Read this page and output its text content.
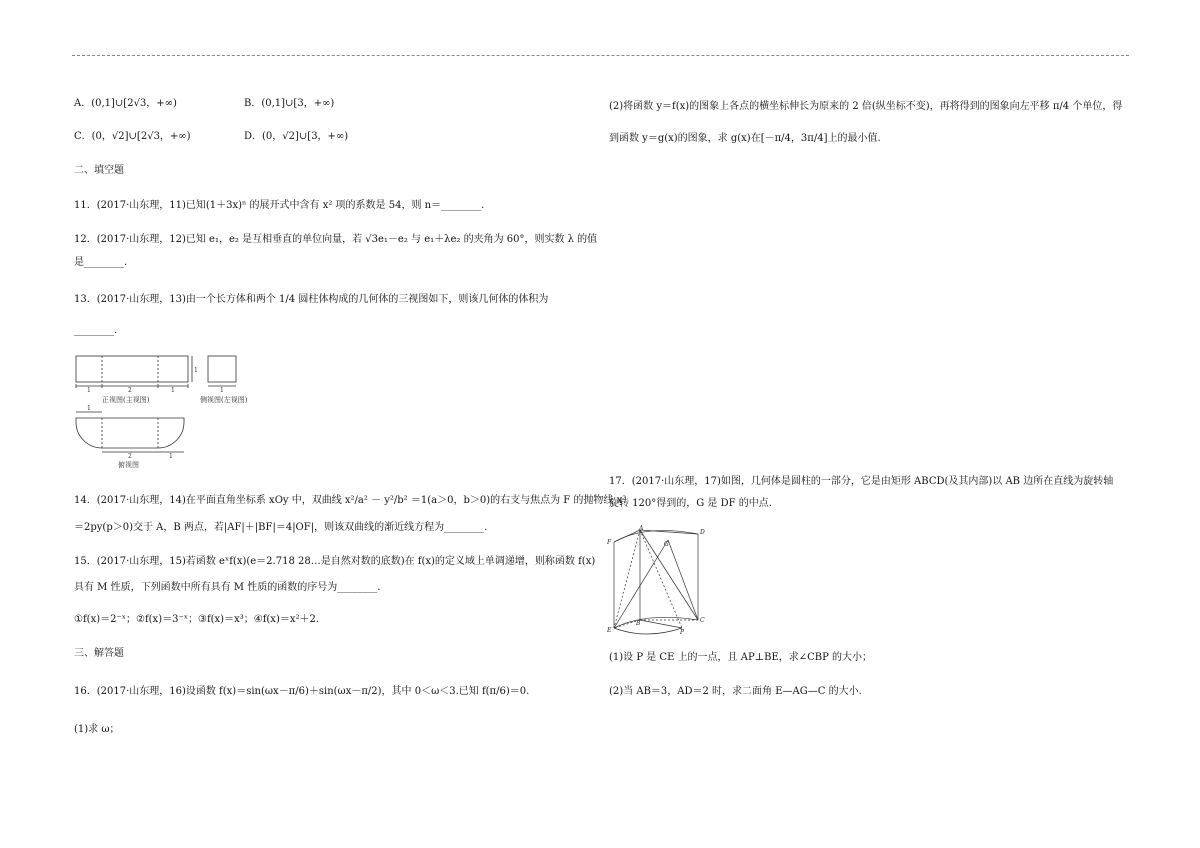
A．(0,1]∪[2√3，+∞)	B．(0,1]∪[3，+∞)
C．(0，√2]∪[2√3，+∞)	D．(0，√2]∪[3，+∞)
二、填空题
11．(2017·山东理，11)已知(1＋3x)ⁿ 的展开式中含有 x² 项的系数是 54，则 n＝________.
12．(2017·山东理，12)已知 e₁，e₂ 是互相垂直的单位向量，若 √3e₁－e₂ 与 e₁＋λe₂ 的夹角为 60°，则实数 λ 的值
是________.
13．(2017·山东理，13)由一个长方体和两个 1/4 圆柱体构成的几何体的三视图如下，则该几何体的体积为
________.
1	2	1
1
正视图(主视图)
1
侧视图(左视图)
1
2	1
俯视图
14．(2017·山东理，14)在平面直角坐标系 xOy 中，双曲线 x²/a² － y²/b² ＝1(a＞0，b＞0)的右支与焦点为 F 的抛物线 x²
＝2py(p＞0)交于 A，B 两点，若|AF|＋|BF|＝4|OF|，则该双曲线的渐近线方程为________.
15．(2017·山东理，15)若函数 eˣf(x)(e＝2.718 28…是自然对数的底数)在 f(x)的定义域上单调递增，则称函数 f(x)
具有 M 性质，下列函数中所有具有 M 性质的函数的序号为________.
①f(x)＝2⁻ˣ；②f(x)＝3⁻ˣ；③f(x)＝x³；④f(x)＝x²＋2.
三、解答题
16．(2017·山东理，16)设函数 f(x)＝sin(ωx－π/6)＋sin(ωx－π/2)，其中 0＜ω＜3.已知 f(π/6)＝0.
(1)求 ω；
(2)将函数 y＝f(x)的图象上各点的横坐标伸长为原来的 2 倍(纵坐标不变)，再将得到的图象向左平移 π/4 个单位，得
到函数 y＝g(x)的图象，求 g(x)在[－π/4，3π/4]上的最小值.
17．(2017·山东理，17)如图，几何体是圆柱的一部分，它是由矩形 ABCD(及其内部)以 AB 边所在直线为旋转轴
旋转 120°得到的，G 是 DF 的中点.
A
D
G
F
B	C
E	P
(1)设 P 是 CE 上的一点，且 AP⊥BE，求∠CBP 的大小；
(2)当 AB＝3，AD＝2 时，求二面角 E—AG—C 的大小.
